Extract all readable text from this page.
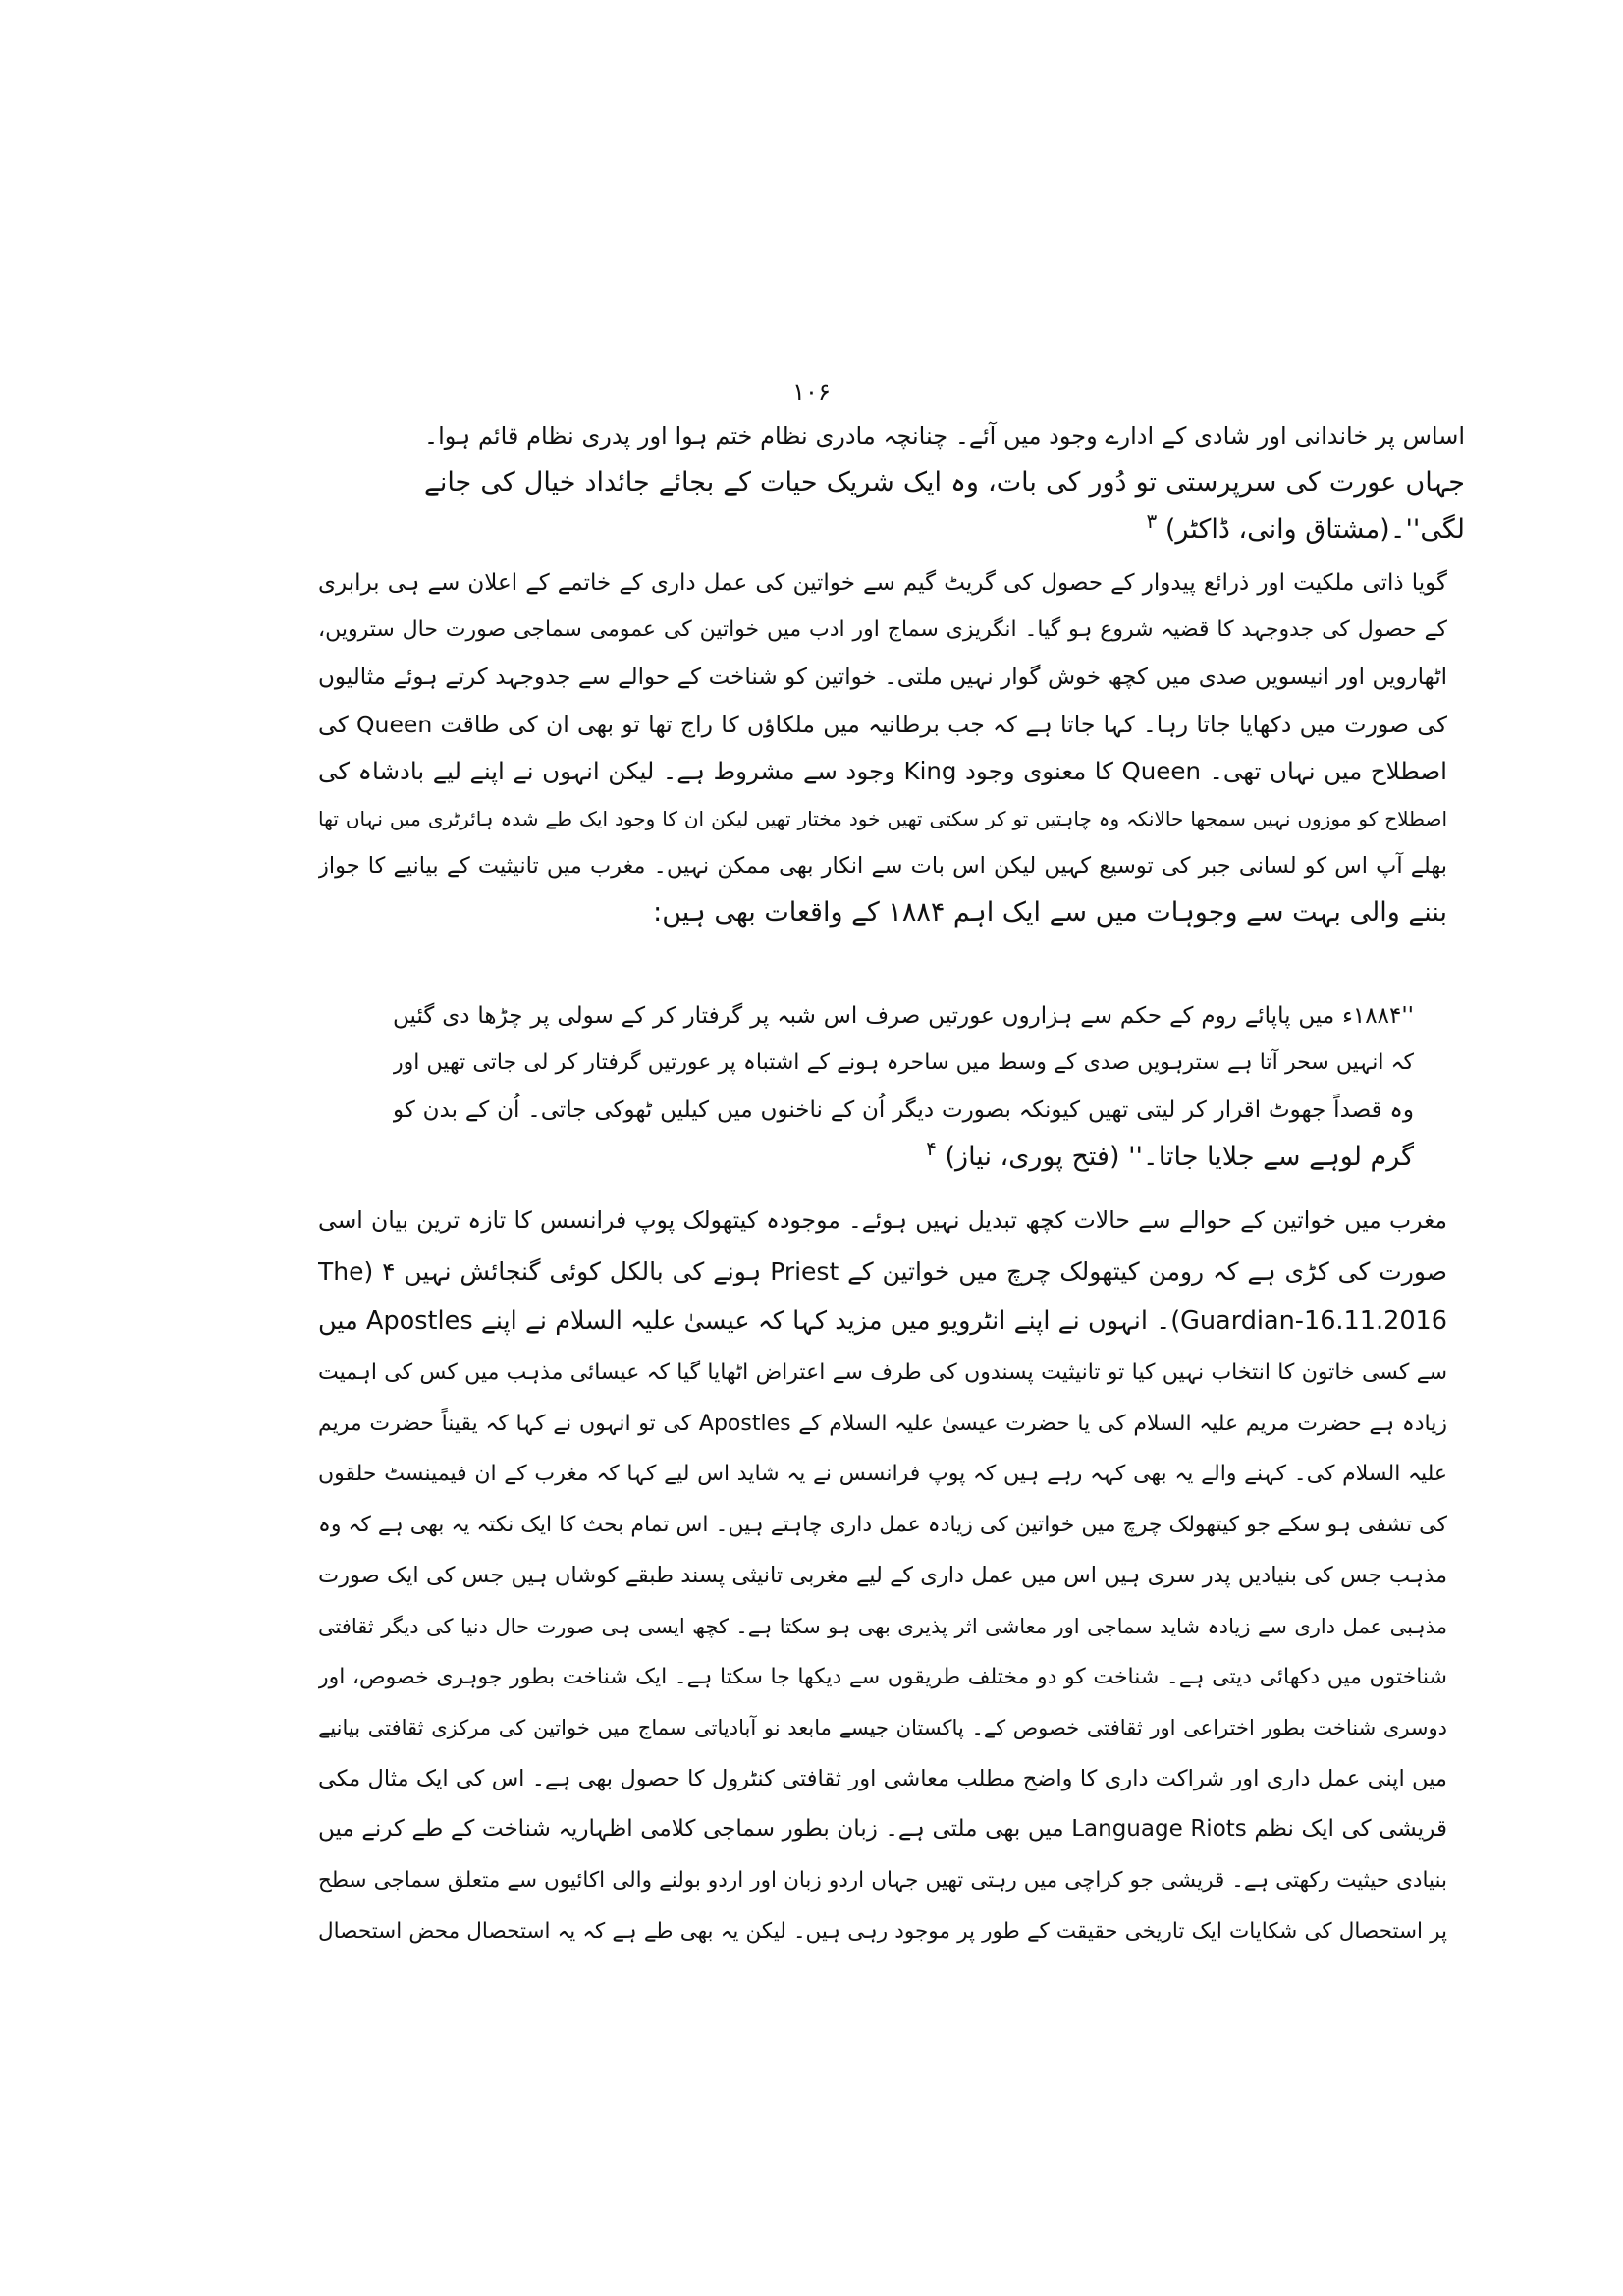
۱۰۶
اساس پر خاندانی اور شادی کے ادارے وجود میں آئے۔ چنانچہ مادری نظام ختم ہوا اور پدری نظام قائم ہوا۔
جہاں عورت کی سرپرستی تو دُور کی بات، وہ ایک شریک حیات کے بجائے جائداد خیال کی جانے
لگی''۔(مشتاق وانی، ڈاکٹر) $^۳$
گویا ذاتی ملکیت اور ذرائع پیدوار کے حصول کی گریٹ گیم سے خواتین کی عمل داری کے خاتمے کے اعلان سے ہی برابری
کے حصول کی جدوجہد کا قضیہ شروع ہو گیا۔ انگریزی سماج اور ادب میں خواتین کی عمومی سماجی صورت حال سترویں،
اٹھارویں اور انیسویں صدی میں کچھ خوش گوار نہیں ملتی۔ خواتین کو شناخت کے حوالے سے جدوجہد کرتے ہوئے مثالیوں
کی صورت میں دکھایا جاتا رہا۔ کہا جاتا ہے کہ جب برطانیہ میں ملکاؤں کا راج تھا تو بھی ان کی طاقت Queen کی
اصطلاح میں نہاں تھی۔ Queen کا معنوی وجود King وجود سے مشروط ہے۔ لیکن انہوں نے اپنے لیے بادشاہ کی
اصطلاح کو موزوں نہیں سمجھا حالانکہ وہ چاہتیں تو کر سکتی تھیں خود مختار تھیں لیکن ان کا وجود ایک طے شدہ ہائرٹری میں نہاں تھا
بھلے آپ اس کو لسانی جبر کی توسیع کہیں لیکن اس بات سے انکار بھی ممکن نہیں۔ مغرب میں تانیثیت کے بیانیے کا جواز
بننے والی بہت سے وجوہات میں سے ایک اہم ۱۸۸۴ کے واقعات بھی ہیں:
''۱۸۸۴ء میں پاپائے روم کے حکم سے ہزاروں عورتیں صرف اس شبہ پر گرفتار کر کے سولی پر چڑھا دی گئیں
کہ انہیں سحر آتا ہے سترہویں صدی کے وسط میں ساحرہ ہونے کے اشتباہ پر عورتیں گرفتار کر لی جاتی تھیں اور
وہ قصداً جھوٹ اقرار کر لیتی تھیں کیونکہ بصورت دیگر اُن کے ناخنوں میں کیلیں ٹھوکی جاتی۔ اُن کے بدن کو
گرم لوہے سے جلایا جاتا۔'' (فتح پوری، نیاز) $^۴$
مغرب میں خواتین کے حوالے سے حالات کچھ تبدیل نہیں ہوئے۔ موجودہ کیتھولک پوپ فرانسس کا تازہ ترین بیان اسی
صورت کی کڑی ہے کہ رومن کیتھولک چرچ میں خواتین کے Priest ہونے کی بالکل کوئی گنجائش نہیں ۴ (The
Guardian-16.11.2016)۔ انہوں نے اپنے انٹرویو میں مزید کہا کہ عیسیٰ علیہ السلام نے اپنے Apostles میں
سے کسی خاتون کا انتخاب نہیں کیا تو تانیثیت پسندوں کی طرف سے اعتراض اٹھایا گیا کہ عیسائی مذہب میں کس کی اہمیت
زیادہ ہے حضرت مریم علیہ السلام کی یا حضرت عیسیٰ علیہ السلام کے Apostles کی تو انہوں نے کہا کہ یقیناً حضرت مریم
علیہ السلام کی۔ کہنے والے یہ بھی کہہ رہے ہیں کہ پوپ فرانسس نے یہ شاید اس لیے کہا کہ مغرب کے ان فیمینسٹ حلقوں
کی تشفی ہو سکے جو کیتھولک چرچ میں خواتین کی زیادہ عمل داری چاہتے ہیں۔ اس تمام بحث کا ایک نکتہ یہ بھی ہے کہ وہ
مذہب جس کی بنیادیں پدر سری ہیں اس میں عمل داری کے لیے مغربی تانیثی پسند طبقے کوشاں ہیں جس کی ایک صورت
مذہبی عمل داری سے زیادہ شاید سماجی اور معاشی اثر پذیری بھی ہو سکتا ہے۔ کچھ ایسی ہی صورت حال دنیا کی دیگر ثقافتی
شناختوں میں دکھائی دیتی ہے۔ شناخت کو دو مختلف طریقوں سے دیکھا جا سکتا ہے۔ ایک شناخت بطور جوہری خصوص، اور
دوسری شناخت بطور اختراعی اور ثقافتی خصوص کے۔ پاکستان جیسے مابعد نو آبادیاتی سماج میں خواتین کی مرکزی ثقافتی بیانیے
میں اپنی عمل داری اور شراکت داری کا واضح مطلب معاشی اور ثقافتی کنٹرول کا حصول بھی ہے۔ اس کی ایک مثال مکی
قریشی کی ایک نظم Language Riots میں بھی ملتی ہے۔ زبان بطور سماجی کلامی اظہاریہ شناخت کے طے کرنے میں
بنیادی حیثیت رکھتی ہے۔ قریشی جو کراچی میں رہتی تھیں جہاں اردو زبان اور اردو بولنے والی اکائیوں سے متعلق سماجی سطح
پر استحصال کی شکایات ایک تاریخی حقیقت کے طور پر موجود رہی ہیں۔ لیکن یہ بھی طے ہے کہ یہ استحصال محض استحصال
